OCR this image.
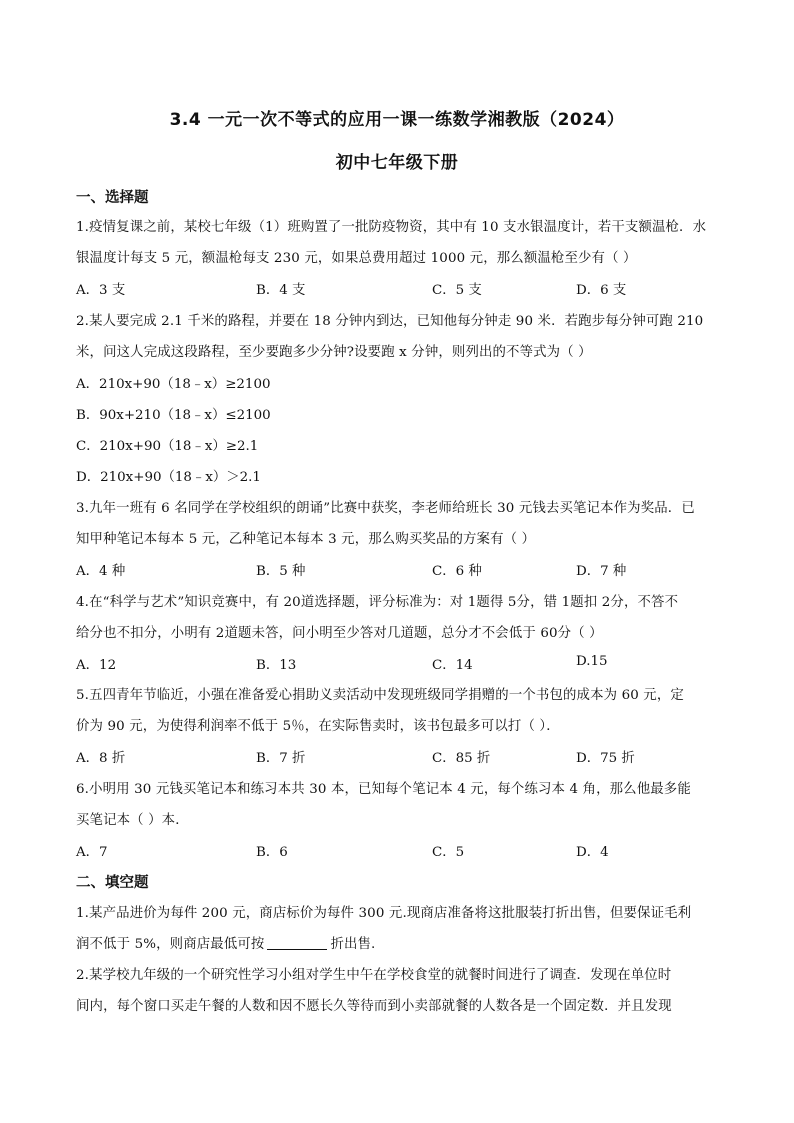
3.4 一元一次不等式的应用一课一练数学湘教版（2024）
初中七年级下册
一、选择题
1.疫情复课之前，某校七年级（1）班购置了一批防疫物资，其中有 10 支水银温度计，若干支额温枪．水
银温度计每支 5 元，额温枪每支 230 元，如果总费用超过 1000 元，那么额温枪至少有（ ）
A．3 支	B．4 支	C．5 支	D．6 支
2.某人要完成 2.1 千米的路程，并要在 18 分钟内到达，已知他每分钟走 90 米．若跑步每分钟可跑 210
米，问这人完成这段路程，至少要跑多少分钟?设要跑 x 分钟，则列出的不等式为（ ）
A．210x+90（18﹣x）≥2100
B．90x+210（18﹣x）≤2100
C．210x+90（18﹣x）≥2.1
D．210x+90（18﹣x）＞2.1
3.九年一班有 6 名同学在学校组织的朗诵”比赛中获奖，李老师给班长 30 元钱去买笔记本作为奖品．已
知甲种笔记本每本 5 元，乙种笔记本每本 3 元，那么购买奖品的方案有（ ）
A．4 种	B．5 种	C．6 种	D．7 种
4.在“科学与艺术”知识竞赛中，有 20道选择题，评分标准为：对 1题得 5分，错 1题扣 2分，不答不
给分也不扣分，小明有 2道题未答，问小明至少答对几道题，总分才不会低于 60分（ ）
A．12	B．13	C．14	D.15
5.五四青年节临近，小强在准备爱心捐助义卖活动中发现班级同学捐赠的一个书包的成本为 60 元，定
价为 90 元，为使得利润率不低于 5％，在实际售卖时，该书包最多可以打（ ）．
A．8 折	B．7 折	C．85 折	D．75 折
6.小明用 30 元钱买笔记本和练习本共 30 本，已知每个笔记本 4 元，每个练习本 4 角，那么他最多能
买笔记本（ ）本．
A．7	B．6	C．5	D．4
二、填空题
1.某产品进价为每件 200 元，商店标价为每件 300 元.现商店准备将这批服装打折出售，但要保证毛利
润不低于 5%，则商店最低可按	折出售.
2.某学校九年级的一个研究性学习小组对学生中午在学校食堂的就餐时间进行了调查．发现在单位时
间内，每个窗口买走午餐的人数和因不愿长久等待而到小卖部就餐的人数各是一个固定数．并且发现
